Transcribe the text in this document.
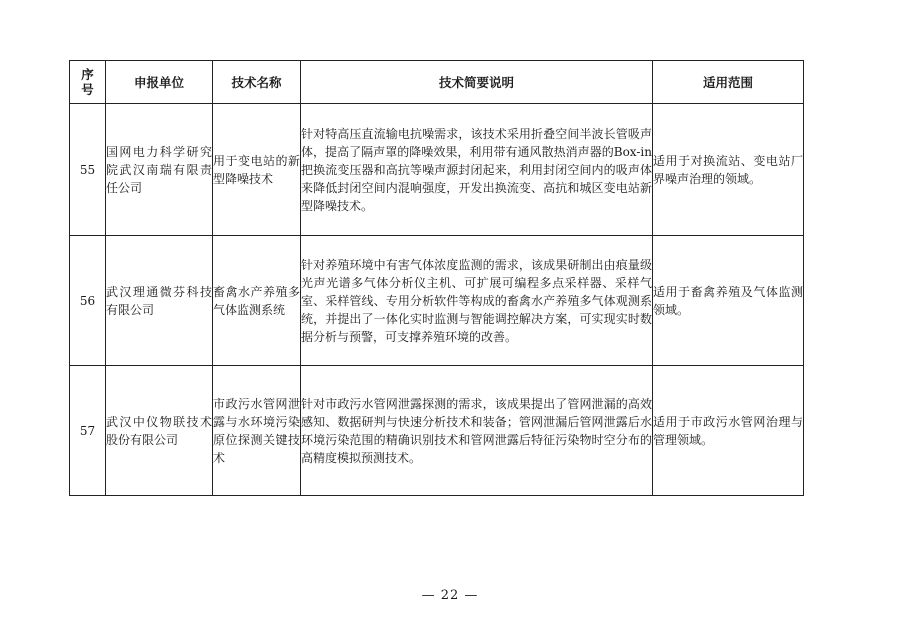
序
号	申报单位	技术名称	技术简要说明	适用范围
55	国网电力科学研究院武汉南瑞有限责任公司	用于变电站的新型降噪技术	针对特高压直流输电抗噪需求，该技术采用折叠空间半波长管吸声体，提高了隔声罩的降噪效果，利用带有通风散热消声器的Box-in把换流变压器和高抗等噪声源封闭起来，利用封闭空间内的吸声体来降低封闭空间内混响强度，开发出换流变、高抗和城区变电站新型降噪技术。	适用于对换流站、变电站厂界噪声治理的领域。
56	武汉理通微芬科技有限公司	畜禽水产养殖多气体监测系统	针对养殖环境中有害气体浓度监测的需求，该成果研制出由痕量级光声光谱多气体分析仪主机、可扩展可编程多点采样器、采样气室、采样管线、专用分析软件等构成的畜禽水产养殖多气体观测系统，并提出了一体化实时监测与智能调控解决方案，可实现实时数据分析与预警，可支撑养殖环境的改善。	适用于畜禽养殖及气体监测领域。
57	武汉中仪物联技术股份有限公司	市政污水管网泄露与水环境污染原位探测关键技术	针对市政污水管网泄露探测的需求，该成果提出了管网泄漏的高效感知、数据研判与快速分析技术和装备；管网泄漏后管网泄露后水环境污染范围的精确识别技术和管网泄露后特征污染物时空分布的高精度模拟预测技术。	适用于市政污水管网治理与管理领域。
— 22 —
